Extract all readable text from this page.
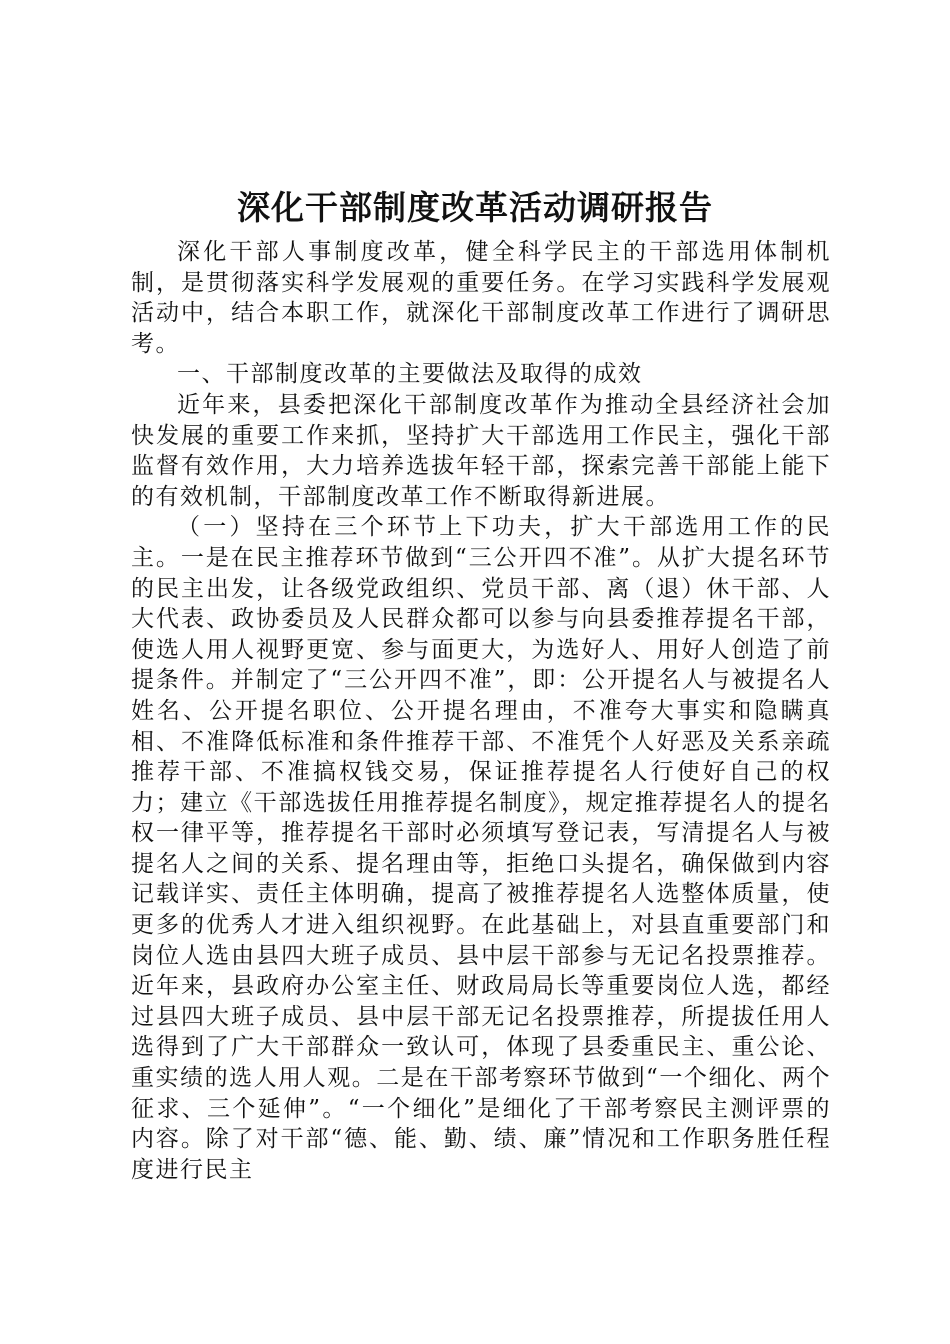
深化干部制度改革活动调研报告

深化干部人事制度改革，健全科学民主的干部选用体制机制，是贯彻落实科学发展观的重要任务。在学习实践科学发展观活动中，结合本职工作，就深化干部制度改革工作进行了调研思考。

一、干部制度改革的主要做法及取得的成效

近年来，县委把深化干部制度改革作为推动全县经济社会加快发展的重要工作来抓，坚持扩大干部选用工作民主，强化干部监督有效作用，大力培养选拔年轻干部，探索完善干部能上能下的有效机制，干部制度改革工作不断取得新进展。

（一）坚持在三个环节上下功夫，扩大干部选用工作的民主。一是在民主推荐环节做到“三公开四不准”。从扩大提名环节的民主出发，让各级党政组织、党员干部、离（退）休干部、人大代表、政协委员及人民群众都可以参与向县委推荐提名干部，使选人用人视野更宽、参与面更大，为选好人、用好人创造了前提条件。并制定了“三公开四不准”，即：公开提名人与被提名人姓名、公开提名职位、公开提名理由，不准夸大事实和隐瞒真相、不准降低标准和条件推荐干部、不准凭个人好恶及关系亲疏推荐干部、不准搞权钱交易，保证推荐提名人行使好自己的权力；建立《干部选拔任用推荐提名制度》，规定推荐提名人的提名权一律平等，推荐提名干部时必须填写登记表，写清提名人与被提名人之间的关系、提名理由等，拒绝口头提名，确保做到内容记载详实、责任主体明确，提高了被推荐提名人选整体质量，使更多的优秀人才进入组织视野。在此基础上，对县直重要部门和岗位人选由县四大班子成员、县中层干部参与无记名投票推荐。近年来，县政府办公室主任、财政局局长等重要岗位人选，都经过县四大班子成员、县中层干部无记名投票推荐，所提拔任用人选得到了广大干部群众一致认可，体现了县委重民主、重公论、重实绩的选人用人观。二是在干部考察环节做到“一个细化、两个征求、三个延伸”。“一个细化”是细化了干部考察民主测评票的内容。除了对干部“德、能、勤、绩、廉”情况和工作职务胜任程度进行民主
